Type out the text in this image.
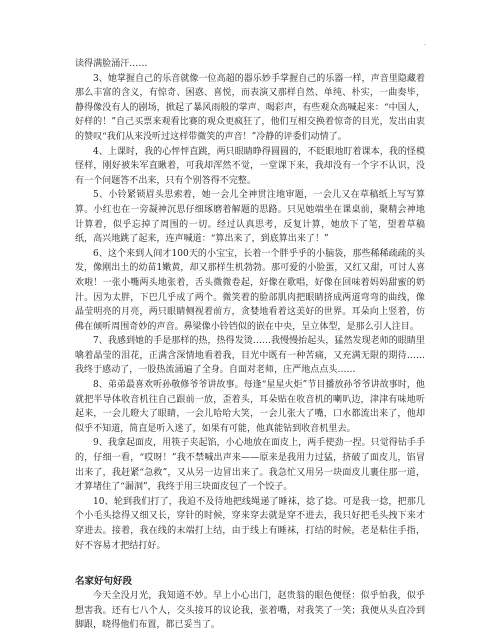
·

读得满脸涌汗……

3、她掌握自己的乐音就像一位高超的器乐妙手掌握自己的乐器一样，声音里隐藏着那么丰富的含义，有惊奇、困惑、喜悦，而表演又那样自然、单纯、朴实，一曲奏毕，静得像没有人的剧场，掀起了暴风雨般的掌声、喝彩声，有些观众高喊起来：“中国人，好样的！”自己买票来观看比赛的观众更疯狂了，他们互相交换着惊奇的目光，发出由衷的赞叹“我们从来没听过这样带微笑的声音！”冷静的评委们动情了。

4、上课时，我的心怦怦直跳，两只眼睛睁得圆圆的，不眨眼地盯着课本，我的怪模怪样，刚好被朱军直瞅着，可我却浑然不觉，一堂课下来，我却没有一个字不认识，没有一个问题答不出来，只有个别答得不完整。

5、小铃紧锁眉头思索着，她一会儿全神贯注地审题，一会儿又在草稿纸上写写算算。小红也在一旁凝神沉思仔细琢磨着解题的思路。只见她端坐在课桌前，聚精会神地计算着，似乎忘掉了周围的一切。经过认真思考，反复计算，她放下了笔，望着草稿纸，高兴地跳了起来，连声喊道：“算出来了，到底算出来了！”

6、这个来到人间才100天的小宝宝，长着一个胖乎乎的小脑袋，那些稀稀疏疏的头发，像刚出土的幼苗1嫩黄，却又那样生机勃勃。那可爱的小脸蛋，又红又甜，可讨人喜欢啦！一张小嘴两头地张着，舌头微微卷起，好像在歌唱，好像在回味着妈妈甜蜜的奶汁。因为太胖，下巴几乎成了两个。微笑着的脸部肌肉把眼睛挤成两道弯弯的曲线，像晶莹明亮的月亮，两只眼睛侧视着前方，贪婪地看着这美好的世界。耳朵向上竖着，仿佛在倾听周围奇妙的声音。鼻梁像小铃铛似的嵌在中央，呈立体型，是那么引人注目。

7、我感到她的手是那样的热，热得发烫……我慢慢抬起头，猛然发现老师的眼睛里噙着晶莹的泪花，正满含深情地看着我，目光中既有一种苦痛，又充满无限的期待……我终于感动了，一股热流涌遍了全身。自面对老师，庄严地点点头……

8、弟弟最喜欢听孙敬修爷爷讲故事。每逢“星星火炬”节目播放孙爷爷讲故事时，他就把半导体收音机往自己跟前一放，歪着头，耳朵贴在收音机的喇叭边，津津有味地听起来，一会儿瞪大了眼睛，一会儿哈哈大笑，一会儿张大了嘴，口水都流出来了，他却似乎不知道，简直是听入迷了，如果有可能，他真能钻到收音机里去。

9、我拿起面皮，用筷子夹起馅，小心地放在面皮上，两手使劲一捏。只觉得钻手手的，仔细一看，“哎呀！”我不禁喊出声来——原来是我用力过猛，挤破了面皮儿，馅冒出来了，我赶紧“急救”，又从另一边冒出来了。我急忙又用另一块面皮儿裹住那一道，才算堵住了“漏洞”，我终于用三块面皮包了一个饺子。

10、轮到我们打了，我迫不及待地把线绳递了睡袜，捻了捻。可是我一捻，把那几个小毛头捻得又细又长，穿针的时候，穿来穿去就是穿不进去，我只好把毛头拽下来才穿进去。接着，我在线的末端打上结，由于线上有睡袜，打结的时候，老是粘住手指，好不容易才把结打好。

名家好句好段

今天全没月光，我知道不妙。早上小心出门，赵贵翁的眼色便怪：似乎怕我，似乎想害我。还有七八个人，交头接耳的议论我，张着嘴，对我笑了一笑；我便从头直冷到脚跟，晓得他们布置，都已妥当了。
